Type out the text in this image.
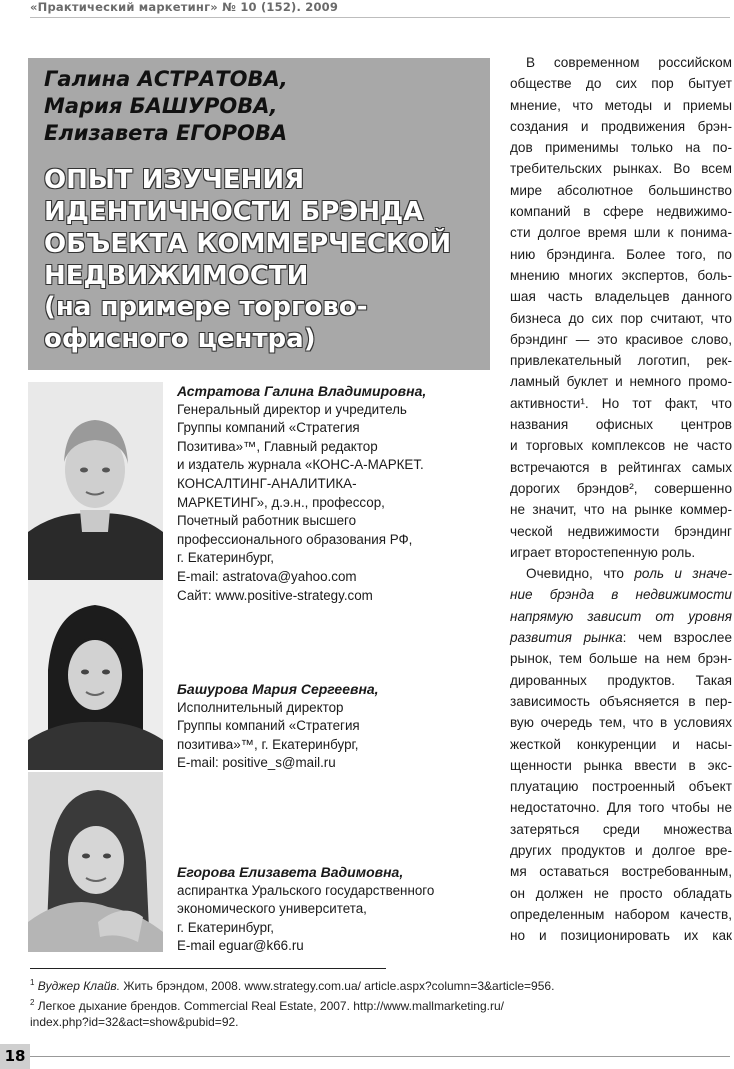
«Практический маркетинг» № 10 (152). 2009
Галина АСТРАТОВА,
Мария БАШУРОВА,
Елизавета ЕГОРОВА
ОПЫТ ИЗУЧЕНИЯ
ИДЕНТИЧНОСТИ БРЭНДА
ОБЪЕКТА КОММЕРЧЕСКОЙ
НЕДВИЖИМОСТИ
(на примере торгово-
офисного центра)
Астратова Галина Владимировна,
Генеральный директор и учредитель
Группы компаний «Стратегия
Позитива»™, Главный редактор
и издатель журнала «КОНС-А-МАРКЕТ.
КОНСАЛТИНГ-АНАЛИТИКА-
МАРКЕТИНГ», д.э.н., профессор,
Почетный работник высшего
профессионального образования РФ,
г. Екатеринбург,
E-mail: astratova@yahoo.com
Сайт: www.positive-strategy.com
Башурова Мария Сергеевна,
Исполнительный директор
Группы компаний «Стратегия
позитива»™, г. Екатеринбург,
E-mail: positive_s@mail.ru
Егорова Елизавета Вадимовна,
аспирантка Уральского государственного
экономического университета,
г. Екатеринбург,
E-mail eguar@k66.ru
В современном российском
обществе до сих пор бытует
мнение, что методы и приемы
создания и продвижения брэн-
дов применимы только на по-
требительских рынках. Во всем
мире абсолютное большинство
компаний в сфере недвижимо-
сти долгое время шли к понима-
нию брэндинга. Более того, по
мнению многих экспертов, боль-
шая часть владельцев данного
бизнеса до сих пор считают, что
брэндинг — это красивое слово,
привлекательный логотип, рек-
ламный буклет и немного промо-
активности¹. Но тот факт, что
названия офисных центров
и торговых комплексов не часто
встречаются в рейтингах самых
дорогих брэндов², совершенно
не значит, что на рынке коммер-
ческой недвижимости брэндинг
играет второстепенную роль.
Очевидно, что роль и значе-
ние брэнда в недвижимости
напрямую зависит от уровня
развития рынка: чем взрослее
рынок, тем больше на нем брэн-
дированных продуктов. Такая
зависимость объясняется в пер-
вую очередь тем, что в условиях
жесткой конкуренции и насы-
щенности рынка ввести в экс-
плуатацию построенный объект
недостаточно. Для того чтобы не
затеряться среди множества
других продуктов и долгое вре-
мя оставаться востребованным,
он должен не просто обладать
определенным набором качеств,
но и позиционировать их как
$^1$ Вуджер Клайв. Жить брэндом, 2008. www.strategy.com.ua/ article.aspx?column=3&article=956.
$^2$ Легкое дыхание брендов. Commercial Real Estate, 2007. http://www.mallmarketing.ru/
index.php?id=32&act=show&pubid=92.
18
